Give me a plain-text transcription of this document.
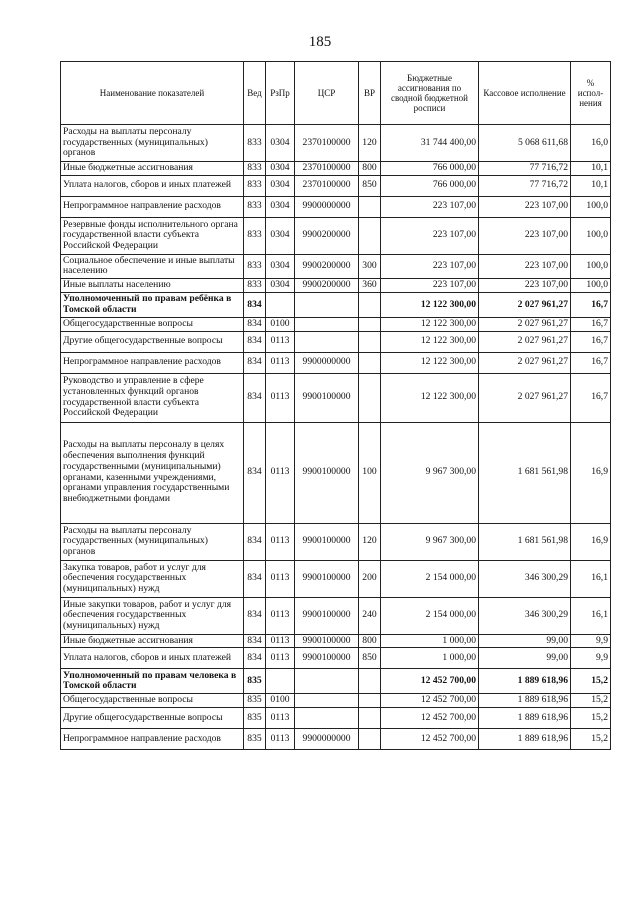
185
Наименование показателей	Вед	РзПр	ЦСР	ВР	Бюджетные ассигнования по сводной бюджетной росписи	Кассовое исполнение	% испол-нения
Расходы на выплаты персоналу государственных (муниципальных) органов	833	0304	2370100000	120	31 744 400,00	5 068 611,68	16,0
Иные бюджетные ассигнования	833	0304	2370100000	800	766 000,00	77 716,72	10,1
Уплата налогов, сборов и иных платежей	833	0304	2370100000	850	766 000,00	77 716,72	10,1
Непрограммное направление расходов	833	0304	9900000000		223 107,00	223 107,00	100,0
Резервные фонды исполнительного органа государственной власти субъекта Российской Федерации	833	0304	9900200000		223 107,00	223 107,00	100,0
Социальное обеспечение и иные выплаты населению	833	0304	9900200000	300	223 107,00	223 107,00	100,0
Иные выплаты населению	833	0304	9900200000	360	223 107,00	223 107,00	100,0
Уполномоченный по правам ребёнка в Томской области	834				12 122 300,00	2 027 961,27	16,7
Общегосударственные вопросы	834	0100			12 122 300,00	2 027 961,27	16,7
Другие общегосударственные вопросы	834	0113			12 122 300,00	2 027 961,27	16,7
Непрограммное направление расходов	834	0113	9900000000		12 122 300,00	2 027 961,27	16,7
Руководство и управление в сфере установленных функций органов государственной власти субъекта Российской Федерации	834	0113	9900100000		12 122 300,00	2 027 961,27	16,7
Расходы на выплаты персоналу в целях обеспечения выполнения функций государственными (муниципальными) органами, казенными учреждениями, органами управления государственными внебюджетными фондами	834	0113	9900100000	100	9 967 300,00	1 681 561,98	16,9
Расходы на выплаты персоналу государственных (муниципальных) органов	834	0113	9900100000	120	9 967 300,00	1 681 561,98	16,9
Закупка товаров, работ и услуг для обеспечения государственных (муниципальных) нужд	834	0113	9900100000	200	2 154 000,00	346 300,29	16,1
Иные закупки товаров, работ и услуг для обеспечения государственных (муниципальных) нужд	834	0113	9900100000	240	2 154 000,00	346 300,29	16,1
Иные бюджетные ассигнования	834	0113	9900100000	800	1 000,00	99,00	9,9
Уплата налогов, сборов и иных платежей	834	0113	9900100000	850	1 000,00	99,00	9,9
Уполномоченный по правам человека в Томской области	835				12 452 700,00	1 889 618,96	15,2
Общегосударственные вопросы	835	0100			12 452 700,00	1 889 618,96	15,2
Другие общегосударственные вопросы	835	0113			12 452 700,00	1 889 618,96	15,2
Непрограммное направление расходов	835	0113	9900000000		12 452 700,00	1 889 618,96	15,2
